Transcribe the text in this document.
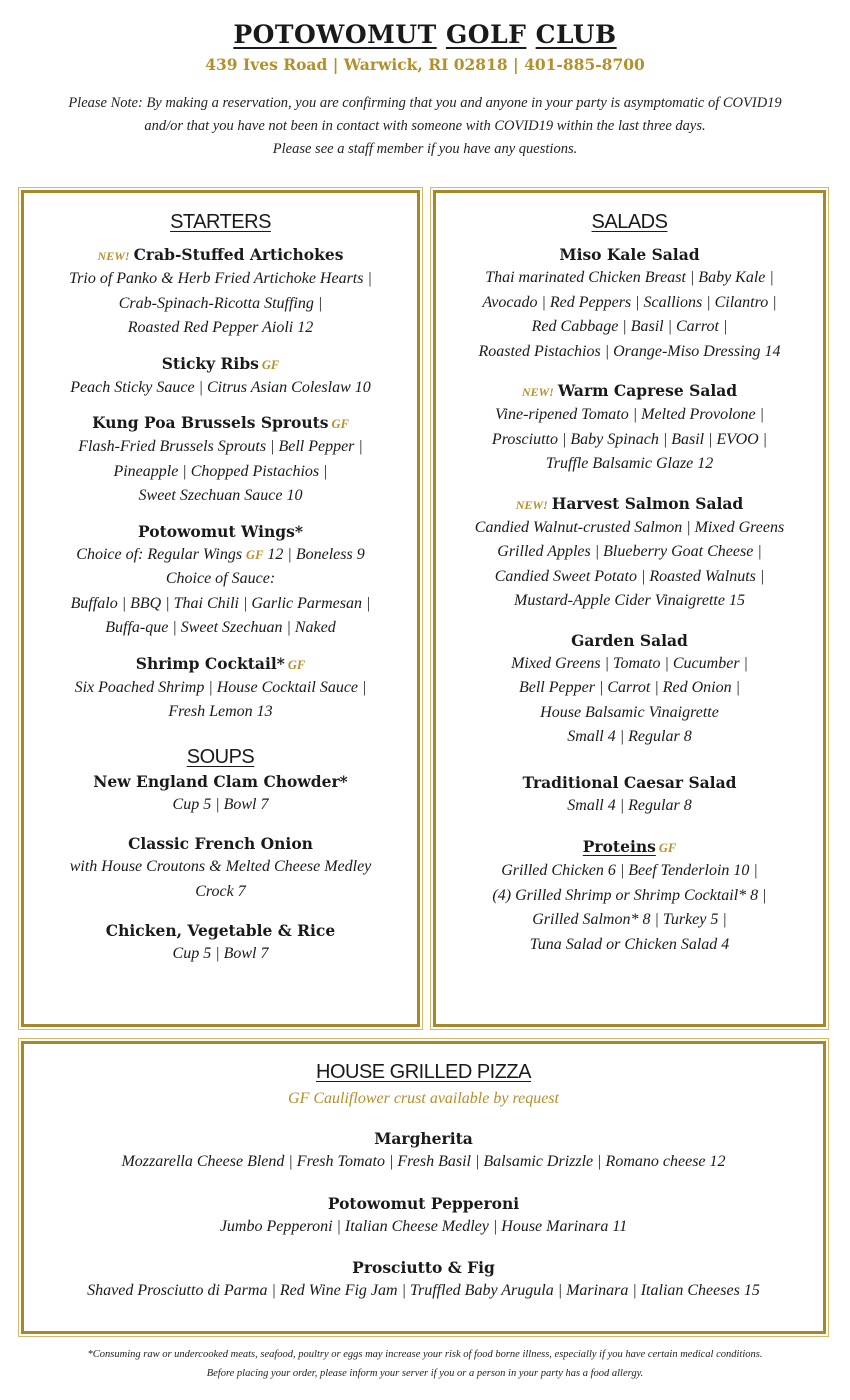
POTOWOMUT GOLF CLUB
439 Ives Road | Warwick, RI 02818 | 401-885-8700
Please Note: By making a reservation, you are confirming that you and anyone in your party is asymptomatic of COVID19
and/or that you have not been in contact with someone with COVID19 within the last three days.
Please see a staff member if you have any questions.
STARTERS
NEW! Crab-Stuffed Artichokes
Trio of Panko & Herb Fried Artichoke Hearts |
Crab-Spinach-Ricotta Stuffing |
Roasted Red Pepper Aioli 12
Sticky Ribs GF
Peach Sticky Sauce | Citrus Asian Coleslaw 10
Kung Poa Brussels Sprouts GF
Flash-Fried Brussels Sprouts | Bell Pepper |
Pineapple | Chopped Pistachios |
Sweet Szechuan Sauce 10
Potowomut Wings*
Choice of: Regular Wings GF 12 | Boneless 9
Choice of Sauce:
Buffalo | BBQ | Thai Chili | Garlic Parmesan |
Buffa-que | Sweet Szechuan | Naked
Shrimp Cocktail* GF
Six Poached Shrimp | House Cocktail Sauce |
Fresh Lemon 13
SOUPS
New England Clam Chowder*
Cup 5 | Bowl 7
Classic French Onion
with House Croutons & Melted Cheese Medley
Crock 7
Chicken, Vegetable & Rice
Cup 5 | Bowl 7
SALADS
Miso Kale Salad
Thai marinated Chicken Breast | Baby Kale |
Avocado | Red Peppers | Scallions | Cilantro |
Red Cabbage | Basil | Carrot |
Roasted Pistachios | Orange-Miso Dressing 14
NEW! Warm Caprese Salad
Vine-ripened Tomato | Melted Provolone |
Prosciutto | Baby Spinach | Basil | EVOO |
Truffle Balsamic Glaze 12
NEW! Harvest Salmon Salad
Candied Walnut-crusted Salmon | Mixed Greens
Grilled Apples | Blueberry Goat Cheese |
Candied Sweet Potato | Roasted Walnuts |
Mustard-Apple Cider Vinaigrette 15
Garden Salad
Mixed Greens | Tomato | Cucumber |
Bell Pepper | Carrot | Red Onion |
House Balsamic Vinaigrette
Small 4 | Regular 8
Traditional Caesar Salad
Small 4 | Regular 8
Proteins GF
Grilled Chicken 6 | Beef Tenderloin 10 |
(4) Grilled Shrimp or Shrimp Cocktail* 8 |
Grilled Salmon* 8 | Turkey 5 |
Tuna Salad or Chicken Salad 4
HOUSE GRILLED PIZZA
GF Cauliflower crust available by request
Margherita
Mozzarella Cheese Blend | Fresh Tomato | Fresh Basil | Balsamic Drizzle | Romano cheese 12
Potowomut Pepperoni
Jumbo Pepperoni | Italian Cheese Medley | House Marinara 11
Prosciutto & Fig
Shaved Prosciutto di Parma | Red Wine Fig Jam | Truffled Baby Arugula | Marinara | Italian Cheeses 15
*Consuming raw or undercooked meats, seafood, poultry or eggs may increase your risk of food borne illness, especially if you have certain medical conditions.
Before placing your order, please inform your server if you or a person in your party has a food allergy.
